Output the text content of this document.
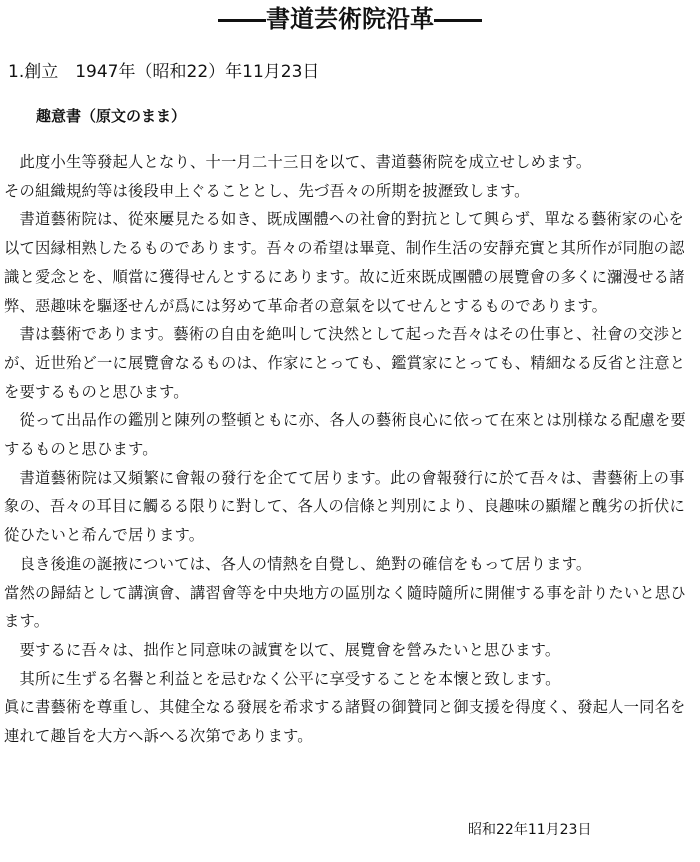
――書道芸術院沿革――
1.創立　1947年（昭和22）年11月23日
趣意書（原文のまま）

　此度小生等發起人となり、十一月二十三日を以て、書道藝術院を成立せしめます。

その組織規約等は後段申上ぐることとし、先づ吾々の所期を披瀝致します。

　書道藝術院は、從來屢見たる如き、既成團體への社會的對抗として興らず、單なる藝術家の心を以て因縁相熟したるものであります。吾々の希望は畢竟、制作生活の安靜充實と其所作が同胞の認識と愛念とを、順當に獲得せんとするにあります。故に近來既成團體の展覽會の多くに瀰漫せる諸弊、惡趣味を驅逐せんが爲には努めて革命者の意氣を以てせんとするものであります。

　書は藝術であります。藝術の自由を絶叫して決然として起った吾々はその仕事と、社會の交渉とが、近世殆ど一に展覽會なるものは、作家にとっても、鑑賞家にとっても、精細なる反省と注意とを要するものと思ひます。

　從って出品作の鑑別と陳列の整頓ともに亦、各人の藝術良心に依って在來とは別様なる配慮を要するものと思ひます。

　書道藝術院は又頻繁に會報の發行を企てて居ります。此の會報發行に於て吾々は、書藝術上の事象の、吾々の耳目に觸るる限りに對して、各人の信條と判別により、良趣味の顯耀と醜劣の折伏に從ひたいと希んで居ります。

　良き後進の誕掖については、各人の情熱を自覺し、絶對の確信をもって居ります。

當然の歸結として講演會、講習會等を中央地方の區別なく隨時隨所に開催する事を計りたいと思ひます。

　要するに吾々は、拙作と同意味の誠實を以て、展覽會を營みたいと思ひます。

　其所に生ずる名譽と利益とを忌むなく公平に享受することを本懷と致します。

眞に書藝術を尊重し、其健全なる發展を希求する諸賢の御贊同と御支援を得度く、發起人一同名を連れて趣旨を大方へ訴へる次第であります。

昭和22年11月23日
